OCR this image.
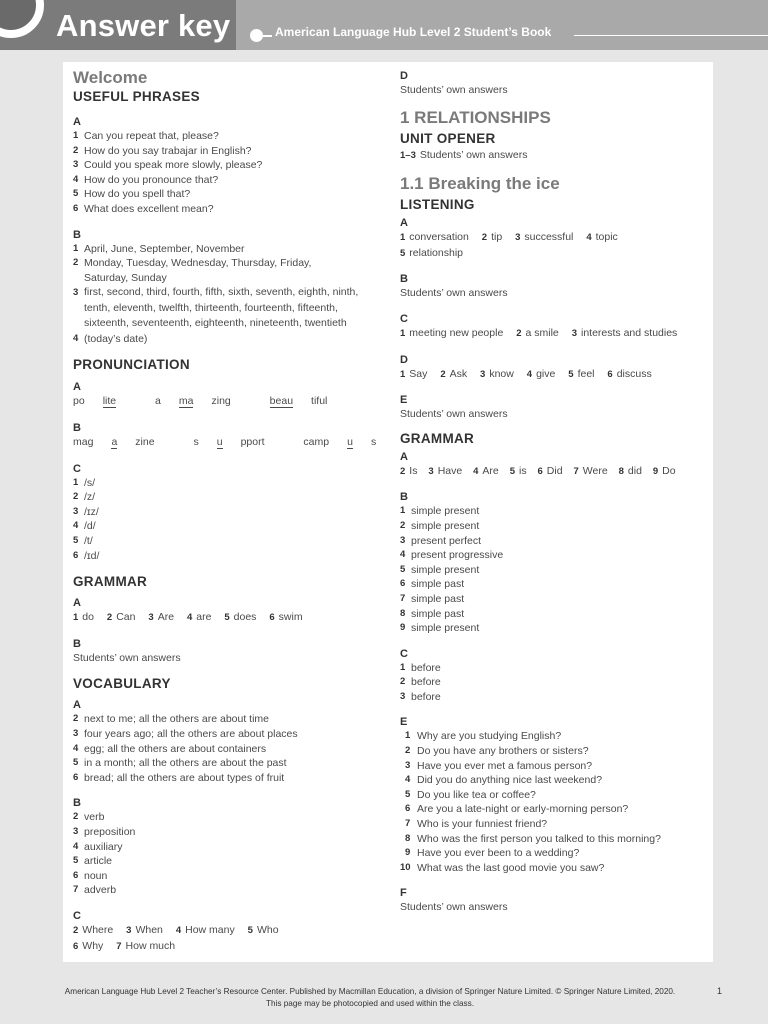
Answer key	American Language Hub Level 2 Student’s Book
Welcome
USEFUL PHRASES
A
1 Can you repeat that, please?
2 How do you say trabajar in English?
3 Could you speak more slowly, please?
4 How do you pronounce that?
5 How do you spell that?
6 What does excellent mean?
B
1 April, June, September, November
2 Monday, Tuesday, Wednesday, Thursday, Friday,
Saturday, Sunday
3 first, second, third, fourth, fifth, sixth, seventh, eighth, ninth,
tenth, eleventh, twelfth, thirteenth, fourteenth, fifteenth,
sixteenth, seventeenth, eighteenth, nineteenth, twentieth
4 (today’s date)
PRONUNCIATION
A
po lite	a ma zing	beau tiful
B
mag a zine	s u pport	camp u s
C
1 /s/
2 /z/
3 /ɪz/
4 /d/
5 /t/
6 /ɪd/
GRAMMAR
A
1 do 2 Can 3 Are 4 are 5 does 6 swim
B
Students’ own answers
VOCABULARY
A
2 next to me; all the others are about time
3 four years ago; all the others are about places
4 egg; all the others are about containers
5 in a month; all the others are about the past
6 bread; all the others are about types of fruit
B
2 verb
3 preposition
4 auxiliary
5 article
6 noun
7 adverb
C
2 Where 3 When 4 How many 5 Who
6 Why 7 How much
D
Students’ own answers
1 RELATIONSHIPS
UNIT OPENER
1–3 Students’ own answers
1.1 Breaking the ice
LISTENING
A
1 conversation 2 tip 3 successful 4 topic
5 relationship
B
Students’ own answers
C
1 meeting new people 2 a smile 3 interests and studies
D
1 Say 2 Ask 3 know 4 give 5 feel 6 discuss
E
Students’ own answers
GRAMMAR
A
2 Is 3 Have 4 Are 5 is 6 Did 7 Were 8 did 9 Do
B
1 simple present
2 simple present
3 present perfect
4 present progressive
5 simple present
6 simple past
7 simple past
8 simple past
9 simple present
C
1 before
2 before
3 before
E
1 Why are you studying English?
2 Do you have any brothers or sisters?
3 Have you ever met a famous person?
4 Did you do anything nice last weekend?
5 Do you like tea or coffee?
6 Are you a late-night or early-morning person?
7 Who is your funniest friend?
8 Who was the first person you talked to this morning?
9 Have you ever been to a wedding?
10 What was the last good movie you saw?
F
Students’ own answers
American Language Hub Level 2 Teacher’s Resource Center. Published by Macmillan Education, a division of Springer Nature Limited. © Springer Nature Limited, 2020.
This page may be photocopied and used within the class.
1
